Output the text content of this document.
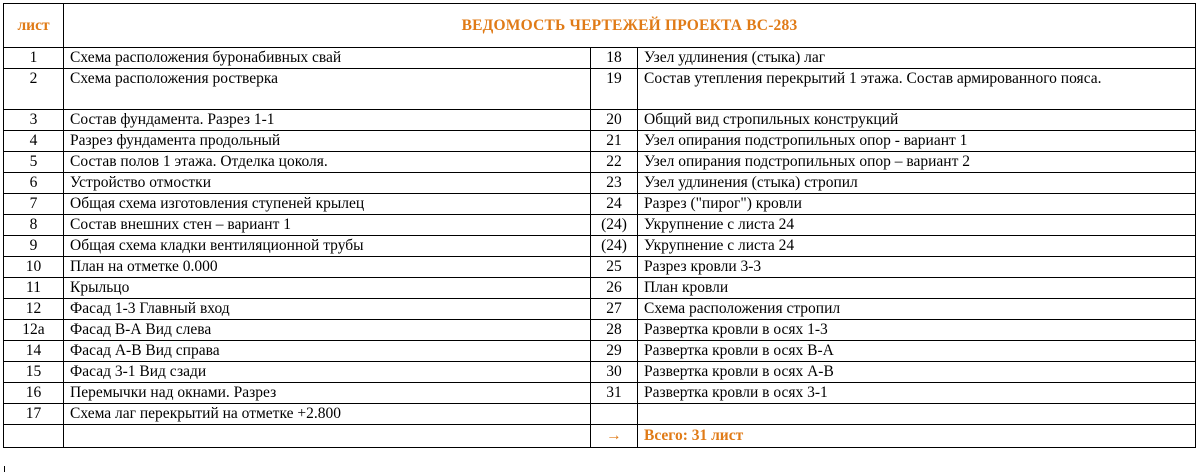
лист	ВЕДОМОСТЬ ЧЕРТЕЖЕЙ ПРОЕКТА ВС-283		
1	Схема расположения буронабивных свай	18	Узел удлинения (стыка) лаг
2	Схема расположения ростверка	19	Состав утепления перекрытий 1 этажа. Состав армированного пояса.
3	Состав фундамента. Разрез 1-1	20	Общий вид стропильных конструкций
4	Разрез фундамента продольный	21	Узел опирания подстропильных опор - вариант 1
5	Состав полов 1 этажа. Отделка цоколя.	22	Узел опирания подстропильных опор – вариант 2
6	Устройство отмостки	23	Узел удлинения (стыка) стропил
7	Общая схема изготовления ступеней крылец	24	Разрез ("пирог") кровли
8	Состав внешних стен – вариант 1	(24)	Укрупнение с листа 24
9	Общая схема кладки вентиляционной трубы	(24)	Укрупнение с листа 24
10	План на отметке 0.000	25	Разрез кровли 3-3
11	Крыльцо	26	План кровли
12	Фасад 1-3 Главный вход	27	Схема расположения стропил
12а	Фасад В-А Вид слева	28	Развертка кровли в осях 1-3
14	Фасад А-В Вид справа	29	Развертка кровли в осях В-А
15	Фасад 3-1 Вид сзади	30	Развертка кровли в осях А-В
16	Перемычки над окнами. Разрез	31	Развертка кровли в осях 3-1
17	Схема лаг перекрытий на отметке +2.800		
		→	Всего: 31 лист
